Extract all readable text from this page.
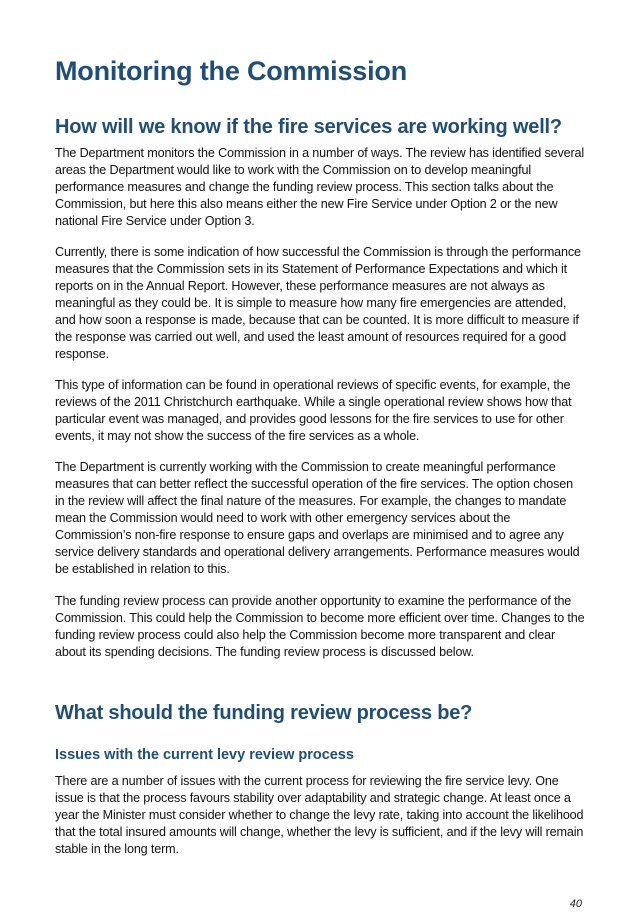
Monitoring the Commission
How will we know if the fire services are working well?

The Department monitors the Commission in a number of ways. The review has identified several areas the Department would like to work with the Commission on to develop meaningful performance measures and change the funding review process. This section talks about the Commission, but here this also means either the new Fire Service under Option 2 or the new national Fire Service under Option 3.

Currently, there is some indication of how successful the Commission is through the performance measures that the Commission sets in its Statement of Performance Expectations and which it reports on in the Annual Report. However, these performance measures are not always as meaningful as they could be. It is simple to measure how many fire emergencies are attended, and how soon a response is made, because that can be counted. It is more difficult to measure if the response was carried out well, and used the least amount of resources required for a good response.

This type of information can be found in operational reviews of specific events, for example, the reviews of the 2011 Christchurch earthquake. While a single operational review shows how that particular event was managed, and provides good lessons for the fire services to use for other events, it may not show the success of the fire services as a whole.

The Department is currently working with the Commission to create meaningful performance measures that can better reflect the successful operation of the fire services. The option chosen in the review will affect the final nature of the measures. For example, the changes to mandate mean the Commission would need to work with other emergency services about the Commission’s non-fire response to ensure gaps and overlaps are minimised and to agree any service delivery standards and operational delivery arrangements. Performance measures would be established in relation to this.

The funding review process can provide another opportunity to examine the performance of the Commission. This could help the Commission to become more efficient over time. Changes to the funding review process could also help the Commission become more transparent and clear about its spending decisions. The funding review process is discussed below.

What should the funding review process be?
Issues with the current levy review process

There are a number of issues with the current process for reviewing the fire service levy. One issue is that the process favours stability over adaptability and strategic change. At least once a year the Minister must consider whether to change the levy rate, taking into account the likelihood that the total insured amounts will change, whether the levy is sufficient, and if the levy will remain stable in the long term.

40
